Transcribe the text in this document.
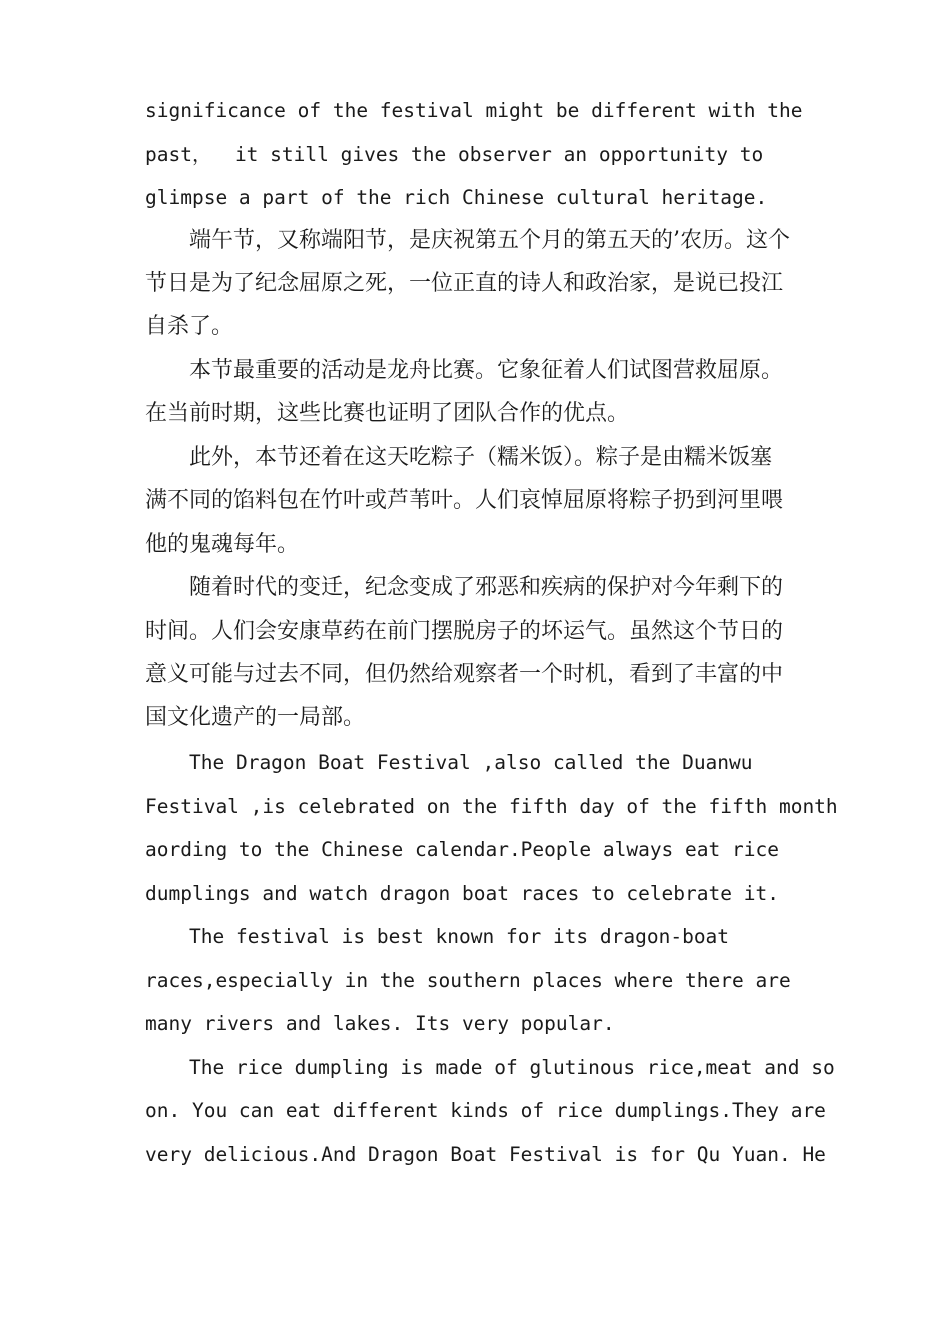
significance of the festival might be different with the
past，  it still gives the observer an opportunity to
glimpse a part of the rich Chinese cultural heritage.
端午节，又称端阳节，是庆祝第五个月的第五天的’农历。这个
节日是为了纪念屈原之死，一位正直的诗人和政治家，是说已投江
自杀了。
本节最重要的活动是龙舟比赛。它象征着人们试图营救屈原。
在当前时期，这些比赛也证明了团队合作的优点。
此外，本节还着在这天吃粽子（糯米饭）。粽子是由糯米饭塞
满不同的馅料包在竹叶或芦苇叶。人们哀悼屈原将粽子扔到河里喂
他的鬼魂每年。
随着时代的变迁，纪念变成了邪恶和疾病的保护对今年剩下的
时间。人们会安康草药在前门摆脱房子的坏运气。虽然这个节日的
意义可能与过去不同，但仍然给观察者一个时机，看到了丰富的中
国文化遗产的一局部。
The Dragon Boat Festival ,also called the Duanwu
Festival ,is celebrated on the fifth day of the fifth month
aording to the Chinese calendar.People always eat rice
dumplings and watch dragon boat races to celebrate it.
The festival is best known for its dragon-boat
races,especially in the southern places where there are
many rivers and lakes. Its very popular.
The rice dumpling is made of glutinous rice,meat and so
on. You can eat different kinds of rice dumplings.They are
very delicious.And Dragon Boat Festival is for Qu Yuan. He
